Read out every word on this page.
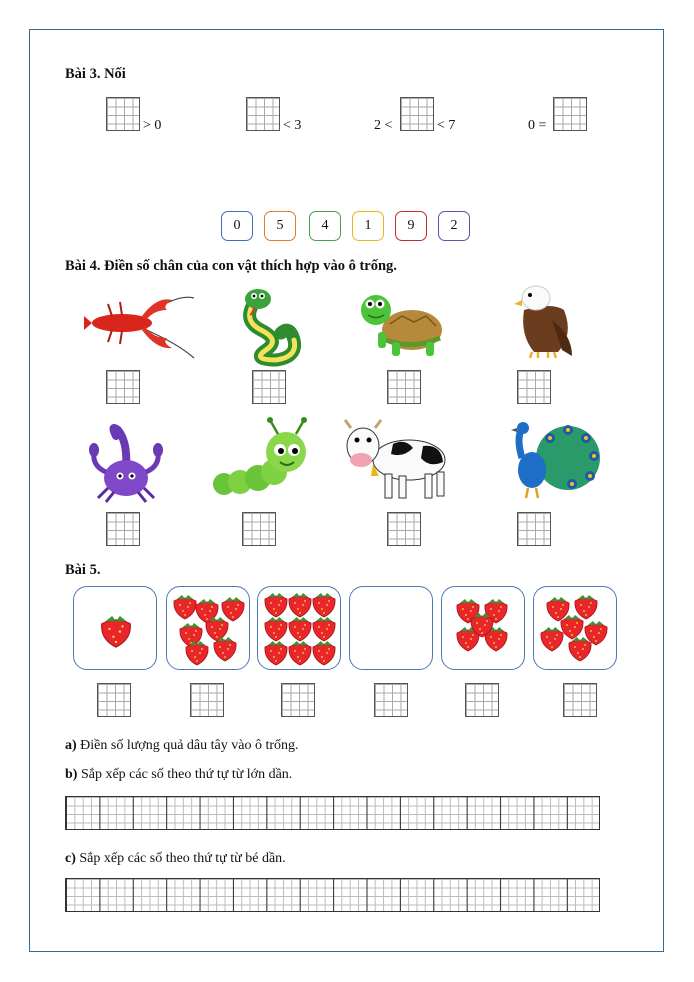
Bài 3. Nối
> 0	< 3	2 <	< 7	0 =
0	5	4	1	9	2
Bài 4. Điền số chân của con vật thích hợp vào ô trống.
Bài 5.
a) Điền số lượng quả dâu tây vào ô trống.
b) Sắp xếp các số theo thứ tự từ lớn dần.
c) Sắp xếp các số theo thứ tự từ bé dần.
